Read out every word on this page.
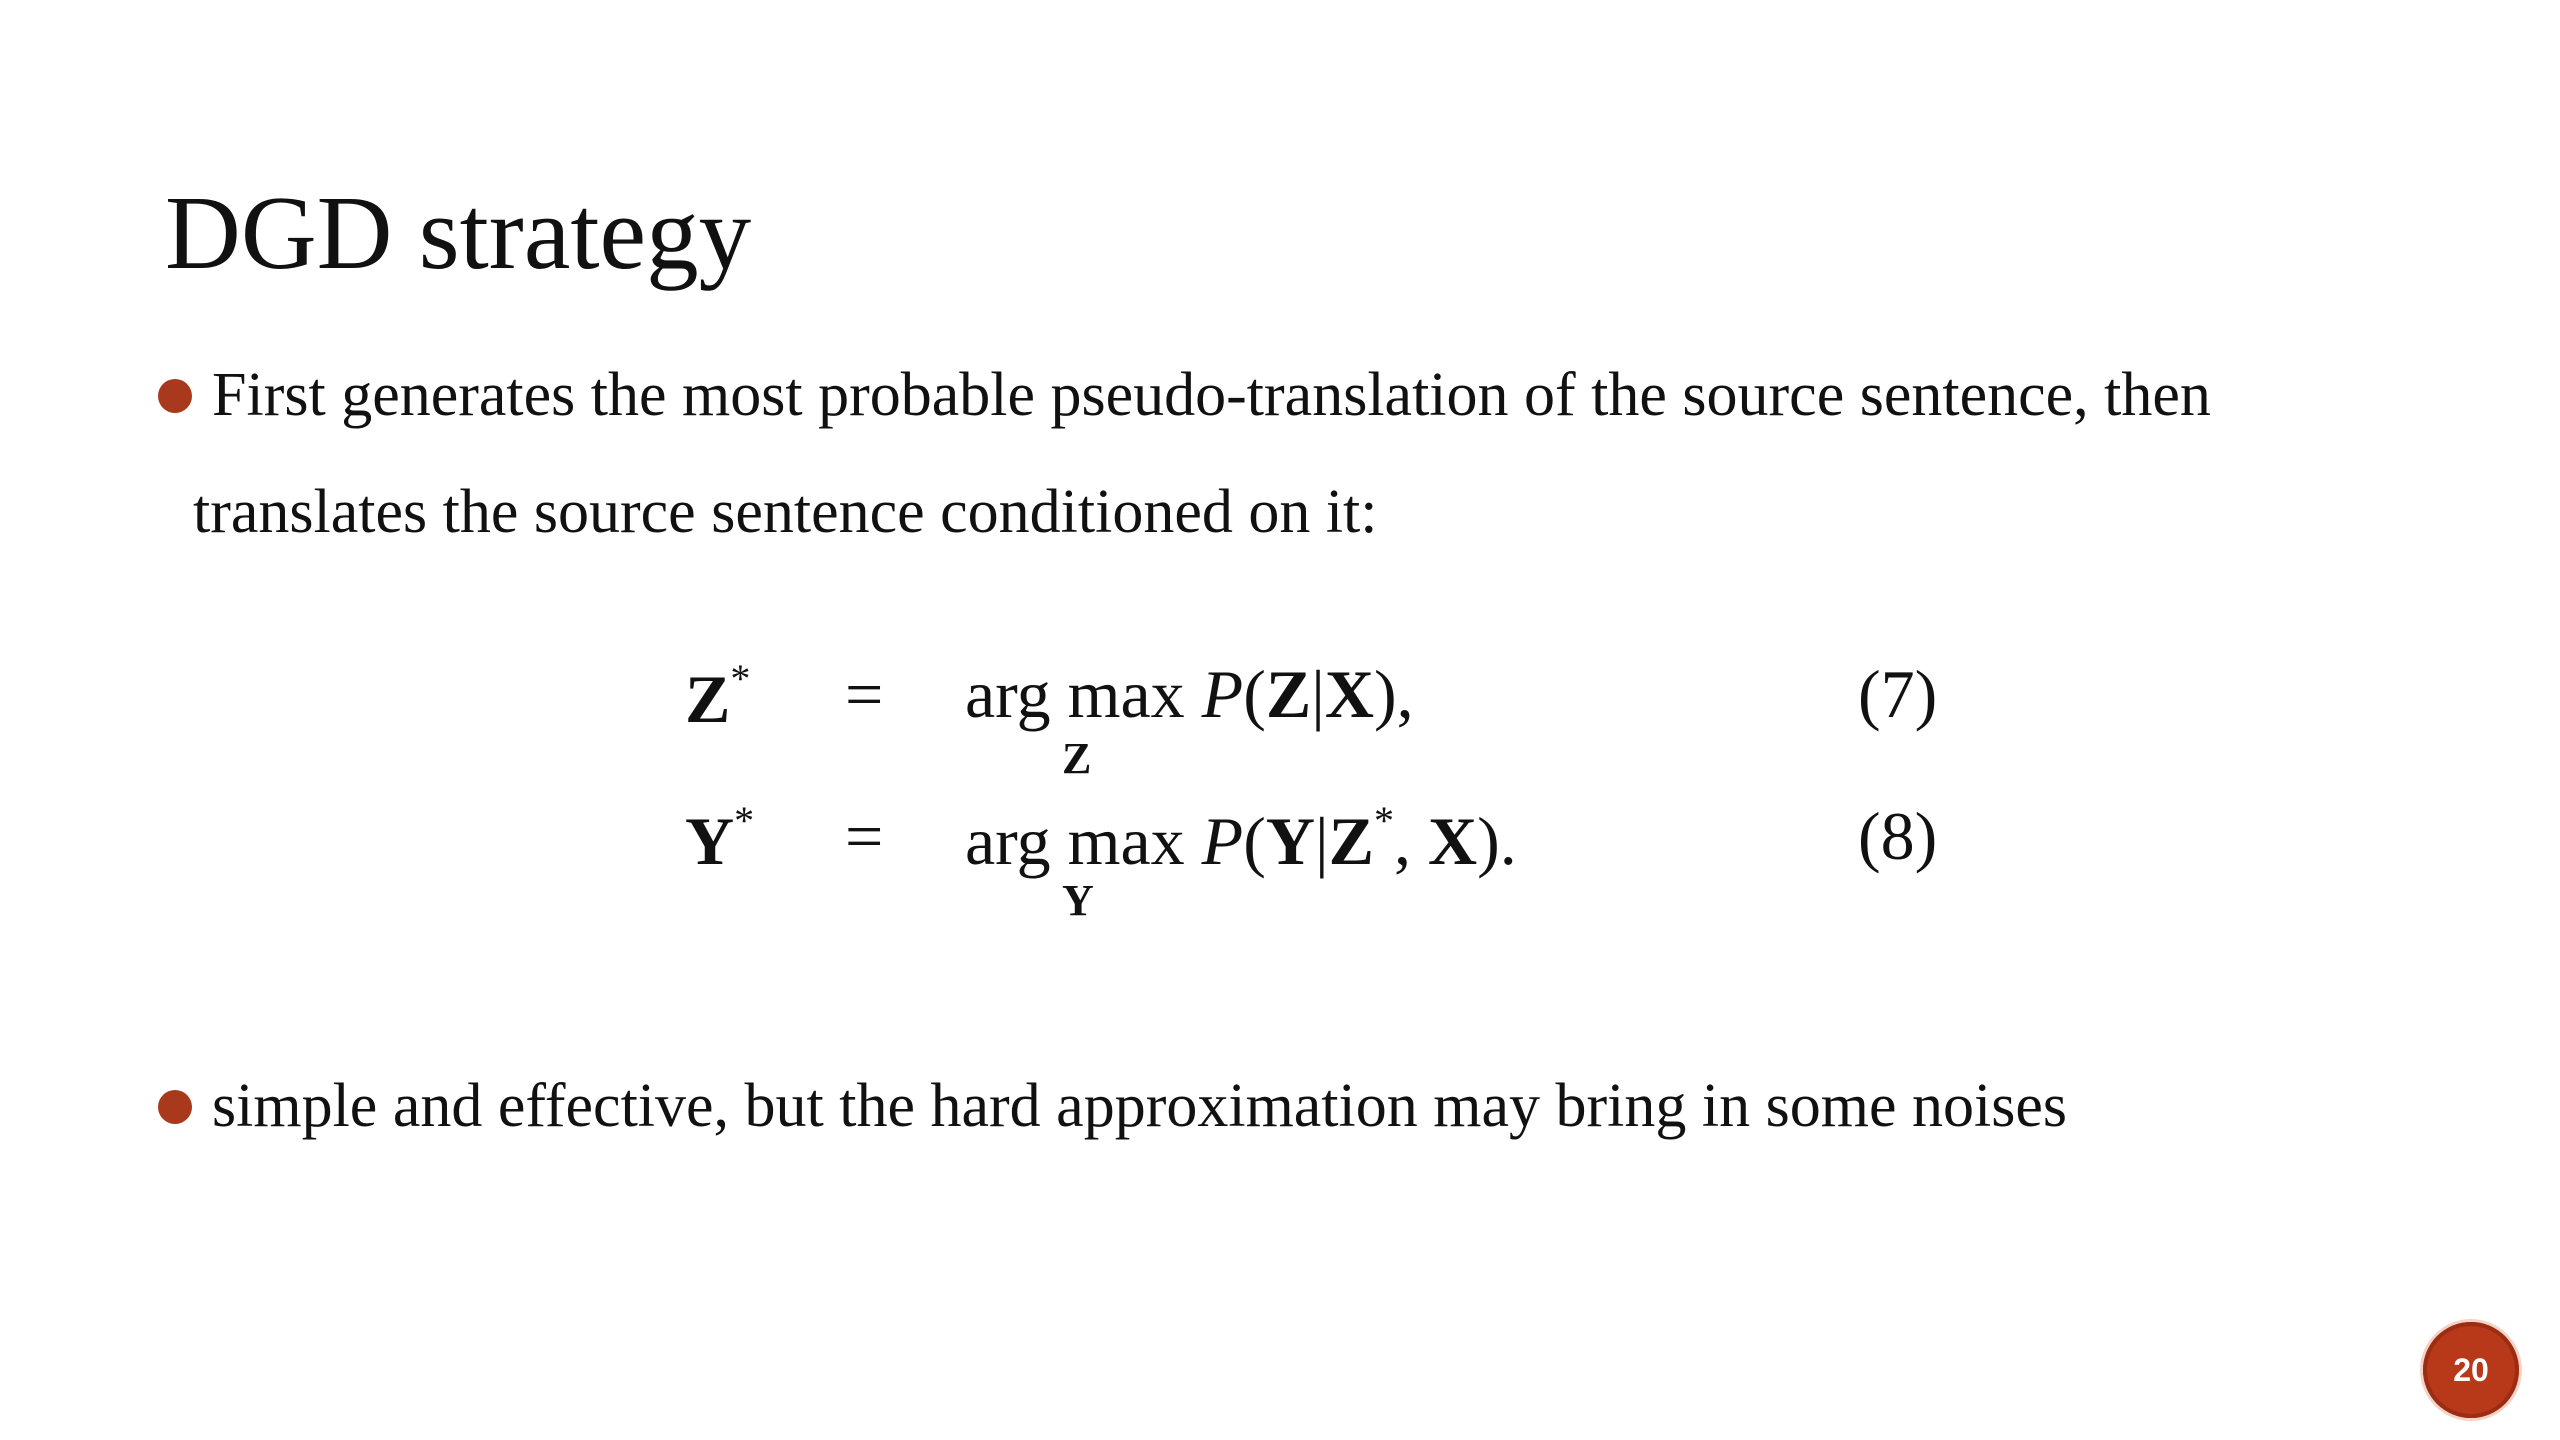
DGD strategy
First generates the most probable pseudo-translation of the source sentence, then
translates the source sentence conditioned on it:
Z* = arg max P(Z|X),
Z
(7)
Y* = arg max P(Y|Z*, X).
Y
(8)
simple and effective, but the hard approximation may bring in some noises
20
